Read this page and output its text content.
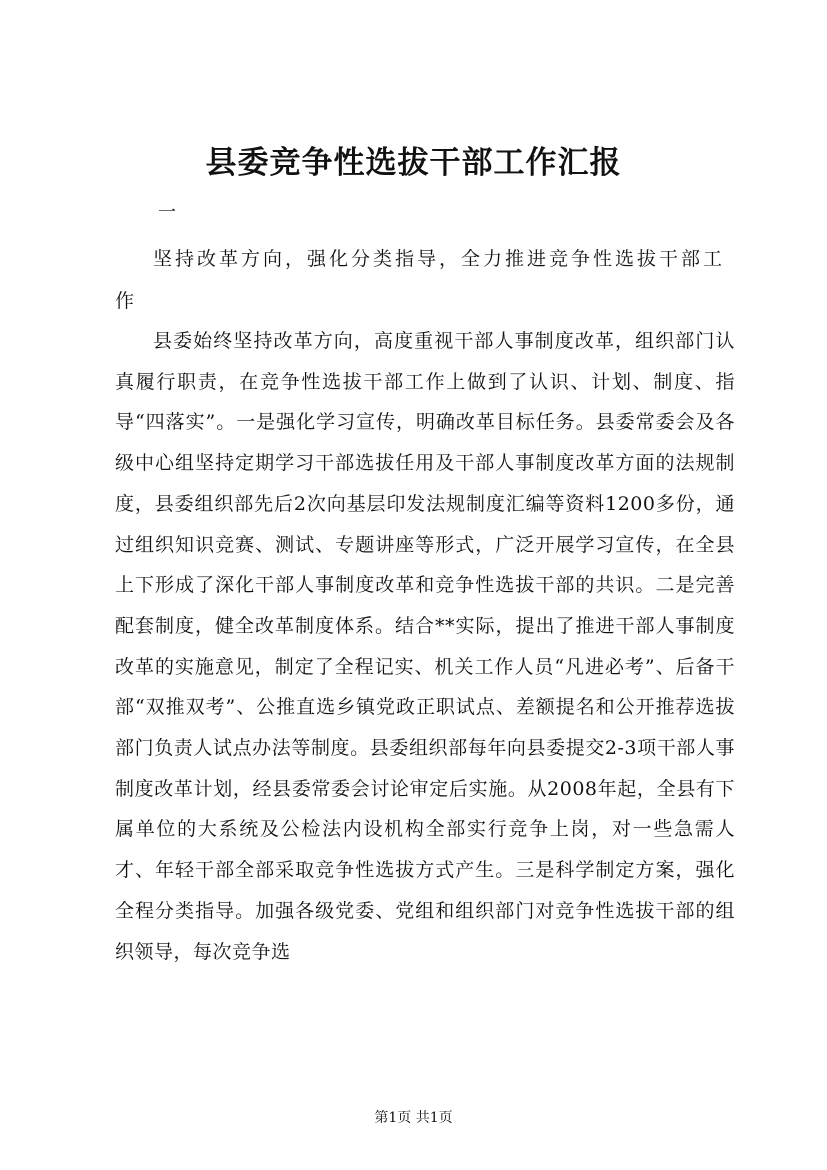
县委竞争性选拔干部工作汇报
一

坚持改革方向，强化分类指导，全力推进竞争性选拔干部工作

县委始终坚持改革方向，高度重视干部人事制度改革，组织部门认真履行职责，在竞争性选拔干部工作上做到了认识、计划、制度、指导“四落实”。一是强化学习宣传，明确改革目标任务。县委常委会及各级中心组坚持定期学习干部选拔任用及干部人事制度改革方面的法规制度，县委组织部先后2次向基层印发法规制度汇编等资料1200多份，通过组织知识竞赛、测试、专题讲座等形式，广泛开展学习宣传，在全县上下形成了深化干部人事制度改革和竞争性选拔干部的共识。二是完善配套制度，健全改革制度体系。结合**实际，提出了推进干部人事制度改革的实施意见，制定了全程记实、机关工作人员“凡进必考”、后备干部“双推双考”、公推直选乡镇党政正职试点、差额提名和公开推荐选拔部门负责人试点办法等制度。县委组织部每年向县委提交2-3项干部人事制度改革计划，经县委常委会讨论审定后实施。从2008年起，全县有下属单位的大系统及公检法内设机构全部实行竞争上岗，对一些急需人才、年轻干部全部采取竞争性选拔方式产生。三是科学制定方案，强化全程分类指导。加强各级党委、党组和组织部门对竞争性选拔干部的组织领导，每次竞争选

第1页 共1页
